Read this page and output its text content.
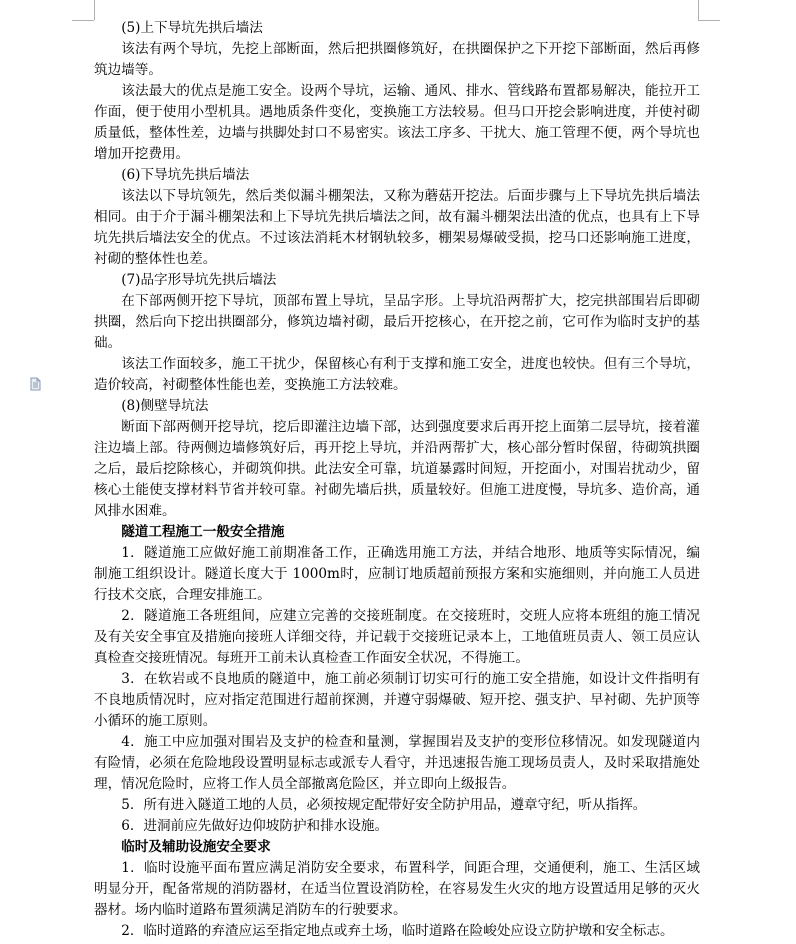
(5)上下导坑先拱后墙法

该法有两个导坑，先挖上部断面，然后把拱圈修筑好，在拱圈保护之下开挖下部断面，然后再修筑边墙等。

该法最大的优点是施工安全。设两个导坑，运输、通风、排水、管线路布置都易解决，能拉开工作面，便于使用小型机具。遇地质条件变化，变换施工方法较易。但马口开挖会影响进度，并使衬砌质量低，整体性差，边墙与拱脚处封口不易密实。该法工序多、干扰大、施工管理不便，两个导坑也增加开挖费用。

(6)下导坑先拱后墙法

该法以下导坑领先，然后类似漏斗棚架法，又称为蘑菇开挖法。后面步骤与上下导坑先拱后墙法相同。由于介于漏斗棚架法和上下导坑先拱后墙法之间，故有漏斗棚架法出渣的优点，也具有上下导坑先拱后墙法安全的优点。不过该法消耗木材钢轨较多，棚架易爆破受损，挖马口还影响施工进度，衬砌的整体性也差。

(7)品字形导坑先拱后墙法

在下部两侧开挖下导坑，顶部布置上导坑，呈品字形。上导坑沿两帮扩大，挖完拱部围岩后即砌拱圈，然后向下挖出拱圈部分，修筑边墙衬砌，最后开挖核心，在开挖之前，它可作为临时支护的基础。

该法工作面较多，施工干扰少，保留核心有利于支撑和施工安全，进度也较快。但有三个导坑，造价较高，衬砌整体性能也差，变换施工方法较难。

(8)侧壁导坑法

断面下部两侧开挖导坑，挖后即灌注边墙下部，达到强度要求后再开挖上面第二层导坑，接着灌注边墙上部。待两侧边墙修筑好后，再开挖上导坑，并沿两帮扩大，核心部分暂时保留，待砌筑拱圈之后，最后挖除核心，并砌筑仰拱。此法安全可靠，坑道暴露时间短，开挖面小，对围岩扰动少，留核心土能使支撑材料节省并较可靠。衬砌先墙后拱，质量较好。但施工进度慢，导坑多、造价高，通风排水困难。

隧道工程施工一般安全措施

1．隧道施工应做好施工前期准备工作，正确选用施工方法，并结合地形、地质等实际情况，编制施工组织设计。隧道长度大于 1000m时，应制订地质超前预报方案和实施细则，并向施工人员进行技术交底，合理安排施工。

2．隧道施工各班组间，应建立完善的交接班制度。在交接班时，交班人应将本班组的施工情况及有关安全事宜及措施向接班人详细交待，并记载于交接班记录本上，工地值班员责人、领工员应认真检查交接班情况。每班开工前未认真检查工作面安全状况，不得施工。

3．在软岩或不良地质的隧道中，施工前必须制订切实可行的施工安全措施，如设计文件指明有不良地质情况时，应对指定范围进行超前探测，并遵守弱爆破、短开挖、强支护、早衬砌、先护顶等小循环的施工原则。

4．施工中应加强对围岩及支护的检查和量测，掌握围岩及支护的变形位移情况。如发现隧道内有险情，必须在危险地段设置明显标志或派专人看守，并迅速报告施工现场员责人，及时采取措施处理，情况危险时，应将工作人员全部撤离危险区，并立即向上级报告。

5．所有进入隧道工地的人员，必须按规定配带好安全防护用品，遵章守纪，听从指挥。

6．进洞前应先做好边仰坡防护和排水设施。

临时及辅助设施安全要求

1．临时设施平面布置应满足消防安全要求，布置科学，间距合理，交通便利，施工、生活区域明显分开，配备常规的消防器材，在适当位置设消防栓，在容易发生火灾的地方设置适用足够的灭火器材。场内临时道路布置须满足消防车的行驶要求。

2．临时道路的弃渣应运至指定地点或弃土场，临时道路在险峻处应设立防护墩和安全标志。
